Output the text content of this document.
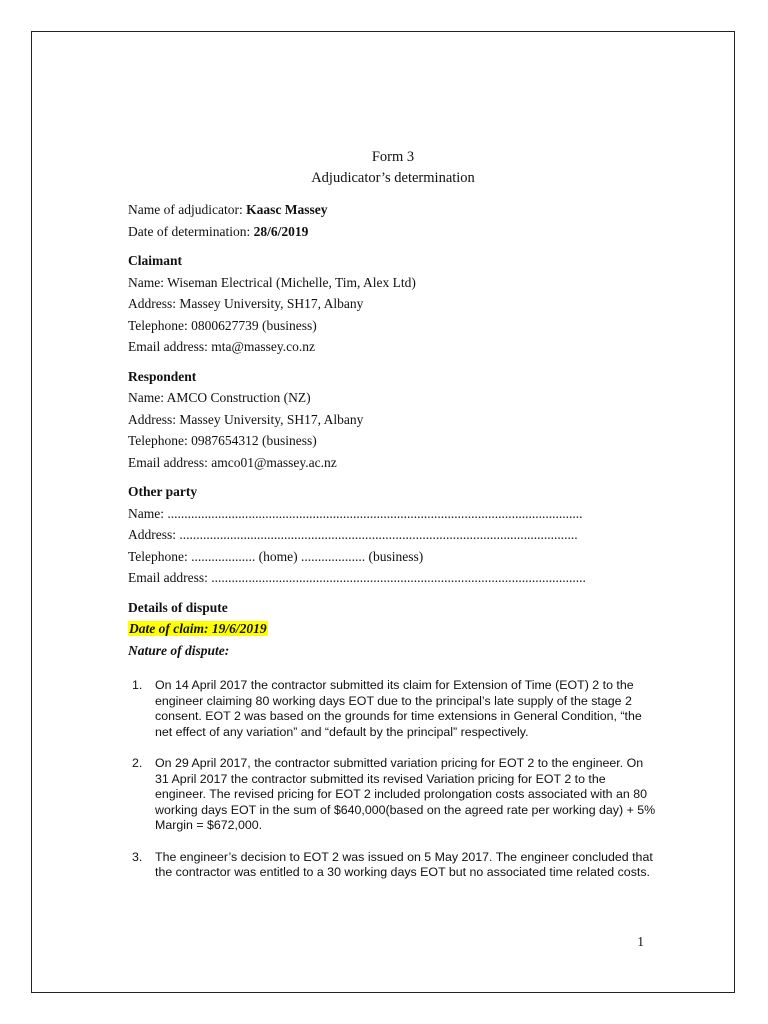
Form 3
Adjudicator’s determination
Name of adjudicator: Kaasc Massey
Date of determination: 28/6/2019
Claimant
Name: Wiseman Electrical (Michelle, Tim, Alex Ltd)
Address: Massey University, SH17, Albany
Telephone: 0800627739 (business)
Email address: mta@massey.co.nz
Respondent
Name: AMCO Construction (NZ)
Address: Massey University, SH17, Albany
Telephone: 0987654312 (business)
Email address: amco01@massey.ac.nz
Other party
Name: ...........................................................................................................................
Address: ......................................................................................................................
Telephone: ................... (home) ................... (business)
Email address: ...............................................................................................................
Details of dispute
Date of claim: 19/6/2019
Nature of dispute:
1.	On 14 April 2017 the contractor submitted its claim for Extension of Time (EOT) 2 to the engineer claiming 80 working days EOT due to the principal’s late supply of the stage 2 consent. EOT 2 was based on the grounds for time extensions in General Condition, “the net effect of any variation” and “default by the principal” respectively.
2.	On 29 April 2017, the contractor submitted variation pricing for EOT 2 to the engineer. On 31 April 2017 the contractor submitted its revised Variation pricing for EOT 2 to the engineer. The revised pricing for EOT 2 included prolongation costs associated with an 80 working days EOT in the sum of $640,000(based on the agreed rate per working day) + 5% Margin = $672,000.
3.	The engineer’s decision to EOT 2 was issued on 5 May 2017. The engineer concluded that the contractor was entitled to a 30 working days EOT but no associated time related costs.
1
